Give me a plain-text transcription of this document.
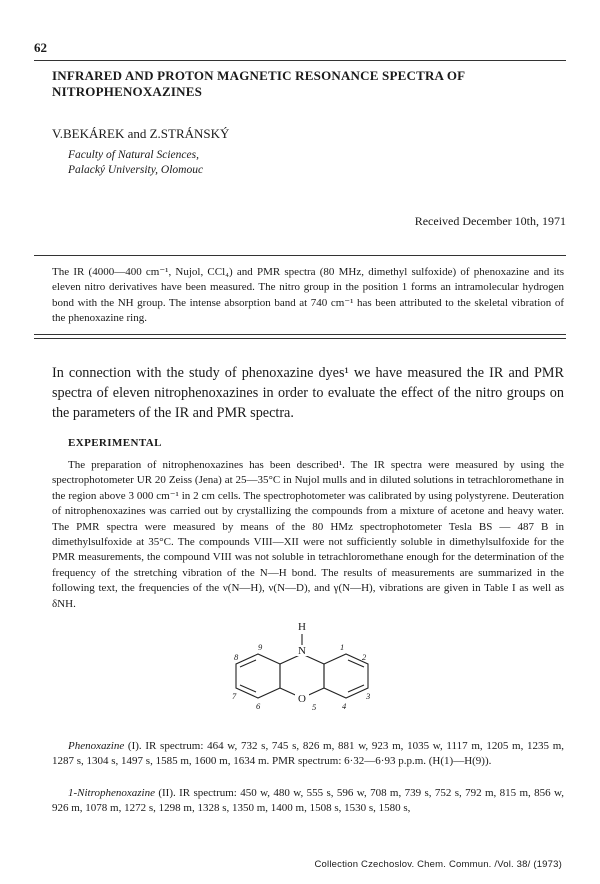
62
INFRARED AND PROTON MAGNETIC RESONANCE SPECTRA OF NITROPHENOXAZINES
V.BEKÁREK and Z.STRÁNSKÝ
Faculty of Natural Sciences,
Palacký University, Olomouc
Received December 10th, 1971
The IR (4000—400 cm⁻¹, Nujol, CCl₄) and PMR spectra (80 MHz, dimethyl sulfoxide) of phenoxazine and its eleven nitro derivatives have been measured. The nitro group in the position 1 forms an intramolecular hydrogen bond with the NH group. The intense absorption band at 740 cm⁻¹ has been attributed to the skeletal vibration of the phenoxazine ring.
In connection with the study of phenoxazine dyes¹ we have measured the IR and PMR spectra of eleven nitrophenoxazines in order to evaluate the effect of the nitro groups on the parameters of the IR and PMR spectra.
EXPERIMENTAL
The preparation of nitrophenoxazines has been described¹. The IR spectra were measured by using the spectrophotometer UR 20 Zeiss (Jena) at 25—35°C in Nujol mulls and in diluted solutions in tetrachloromethane in the region above 3 000 cm⁻¹ in 2 cm cells. The spectrophotometer was calibrated by using polystyrene. Deuteration of nitrophenoxazines was carried out by crystallizing the compounds from a mixture of acetone and heavy water. The PMR spectra were measured by means of the 80 HMz spectrophotometer Tesla BS — 487 B in dimethylsulfoxide at 35°C. The compounds VIII—XII were not sufficiently soluble in dimethylsulfoxide for the PMR measurements, the compound VIII was not soluble in tetrachloromethane enough for the determination of the frequency of the stretching vibration of the N—H bond. The results of measurements are summarized in the following text, the frequencies of the ν(N—H), ν(N—D), and γ(N—H), vibrations are given in Table I as well as δNH.
H
N
O
1
2
3
4
5
6
7
8
9
Phenoxazine (I). IR spectrum: 464 w, 732 s, 745 s, 826 m, 881 w, 923 m, 1035 w, 1117 m, 1205 m, 1235 m, 1287 s, 1304 s, 1497 s, 1585 m, 1600 m, 1634 m. PMR spectrum: 6·32—6·93 p.p.m. (H(1)—H(9)).
1-Nitrophenoxazine (II). IR spectrum: 450 w, 480 w, 555 s, 596 w, 708 m, 739 s, 752 s, 792 m, 815 m, 856 w, 926 m, 1078 m, 1272 s, 1298 m, 1328 s, 1350 m, 1400 m, 1508 s, 1530 s, 1580 s,
Collection Czechoslov. Chem. Commun. /Vol. 38/ (1973)
